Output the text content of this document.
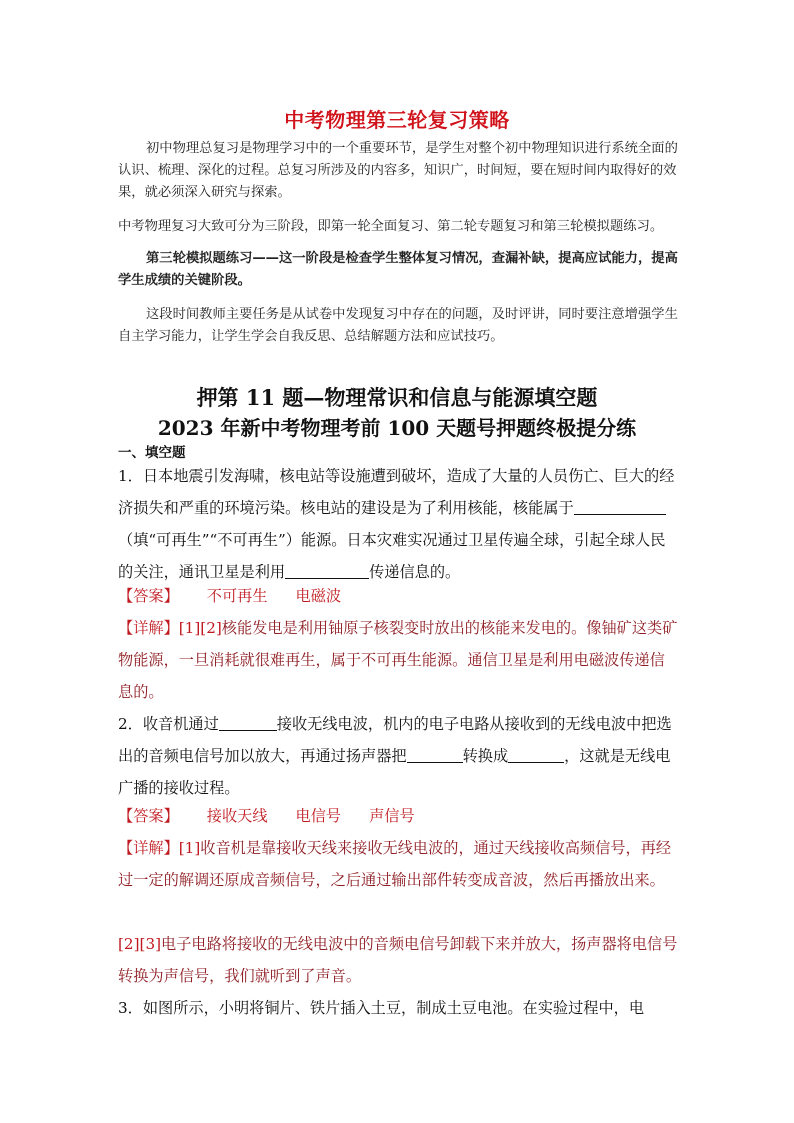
中考物理第三轮复习策略
初中物理总复习是物理学习中的一个重要环节，是学生对整个初中物理知识进行系统全面的认识、梳理、深化的过程。总复习所涉及的内容多，知识广，时间短，要在短时间内取得好的效果，就必须深入研究与探索。
中考物理复习大致可分为三阶段，即第一轮全面复习、第二轮专题复习和第三轮模拟题练习。
第三轮模拟题练习——这一阶段是检查学生整体复习情况，查漏补缺，提高应试能力，提高学生成绩的关键阶段。
这段时间教师主要任务是从试卷中发现复习中存在的问题，及时评讲，同时要注意增强学生自主学习能力，让学生学会自我反思、总结解题方法和应试技巧。
押第 11 题—物理常识和信息与能源填空题
2023 年新中考物理考前 100 天题号押题终极提分练
一、填空题
1．日本地震引发海啸，核电站等设施遭到破坏，造成了大量的人员伤亡、巨大的经济损失和严重的环境污染。核电站的建设是为了利用核能，核能属于（填“可再生”“不可再生”）能源。日本灾难实况通过卫星传遍全球，引起全球人民的关注，通讯卫星是利用	传递信息的。
【答案】 不可再生 电磁波
【详解】[1][2]核能发电是利用铀原子核裂变时放出的核能来发电的。像铀矿这类矿物能源，一旦消耗就很难再生，属于不可再生能源。通信卫星是利用电磁波传递信息的。
2．收音机通过	接收无线电波，机内的电子电路从接收到的无线电波中把选出的音频电信号加以放大，再通过扬声器把	转换成	，这就是无线电广播的接收过程。
【答案】 接收天线 电信号 声信号
【详解】[1]收音机是靠接收天线来接收无线电波的，通过天线接收高频信号，再经过一定的解调还原成音频信号，之后通过输出部件转变成音波，然后再播放出来。
[2][3]电子电路将接收的无线电波中的音频电信号卸载下来并放大，扬声器将电信号转换为声信号，我们就听到了声音。
3．如图所示，小明将铜片、铁片插入土豆，制成土豆电池。在实验过程中，电
